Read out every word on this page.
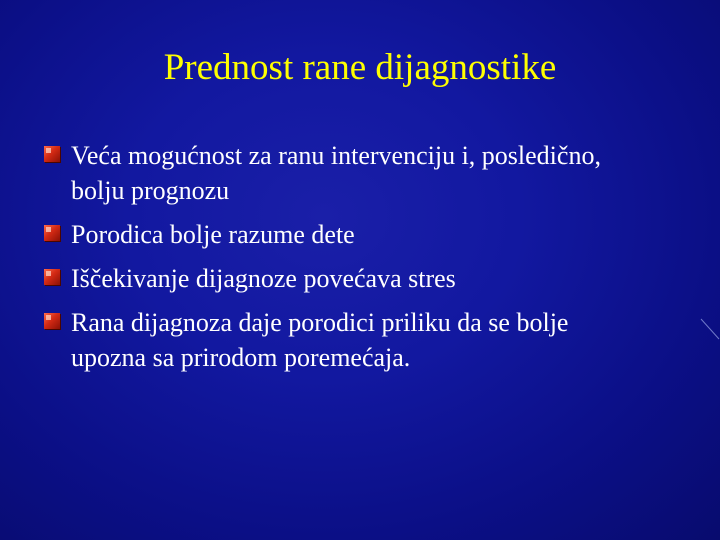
Prednost rane dijagnostike
Veća mogućnost za ranu intervenciju i, posledično, bolju prognozu
Porodica bolje razume dete
Iščekivanje dijagnoze povećava stres
Rana dijagnoza daje porodici priliku da se bolje upozna sa prirodom poremećaja.
